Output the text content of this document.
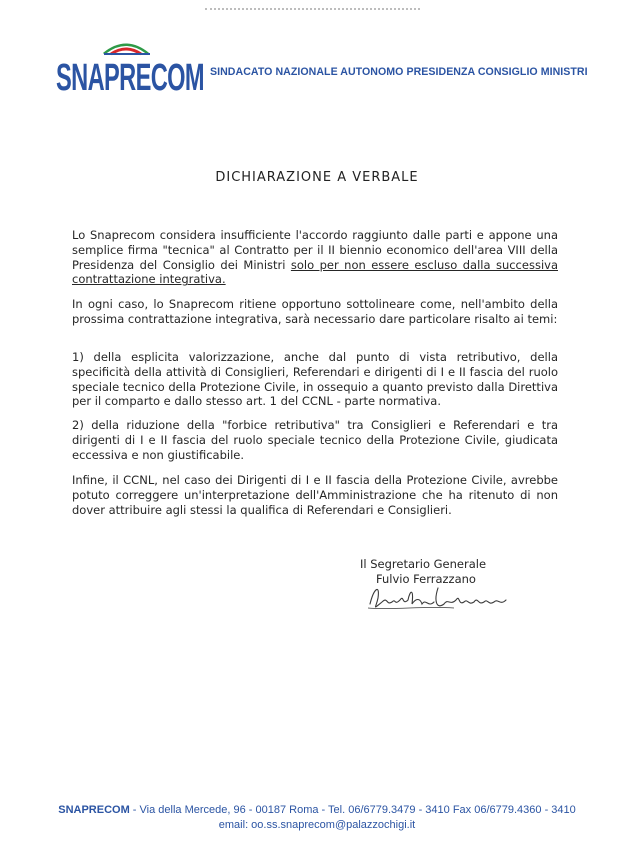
SNAPRECOM SINDACATO NAZIONALE AUTONOMO PRESIDENZA CONSIGLIO MINISTRI
DICHIARAZIONE A VERBALE

Lo Snaprecom considera insufficiente l'accordo raggiunto dalle parti e appone una semplice firma "tecnica" al Contratto per il II biennio economico dell'area VIII della Presidenza del Consiglio dei Ministri solo per non essere escluso dalla successiva contrattazione integrativa.

In ogni caso, lo Snaprecom ritiene opportuno sottolineare come, nell'ambito della prossima contrattazione integrativa, sarà necessario dare particolare risalto ai temi:

1) della esplicita valorizzazione, anche dal punto di vista retributivo, della specificità della attività di Consiglieri, Referendari e dirigenti di I e II fascia del ruolo speciale tecnico della Protezione Civile, in ossequio a quanto previsto dalla Direttiva per il comparto e dallo stesso art. 1 del CCNL - parte normativa.

2) della riduzione della "forbice retributiva" tra Consiglieri e Referendari e tra dirigenti di I e II fascia del ruolo speciale tecnico della Protezione Civile, giudicata eccessiva e non giustificabile.

Infine, il CCNL, nel caso dei Dirigenti di I e II fascia della Protezione Civile, avrebbe potuto correggere un'interpretazione dell'Amministrazione che ha ritenuto di non dover attribuire agli stessi la qualifica di Referendari e Consiglieri.

Il Segretario Generale
Fulvio Ferrazzano
SNAPRECOM - Via della Mercede, 96 - 00187 Roma - Tel. 06/6779.3479 - 3410 Fax 06/6779.4360 - 3410
email: oo.ss.snaprecom@palazzochigi.it
